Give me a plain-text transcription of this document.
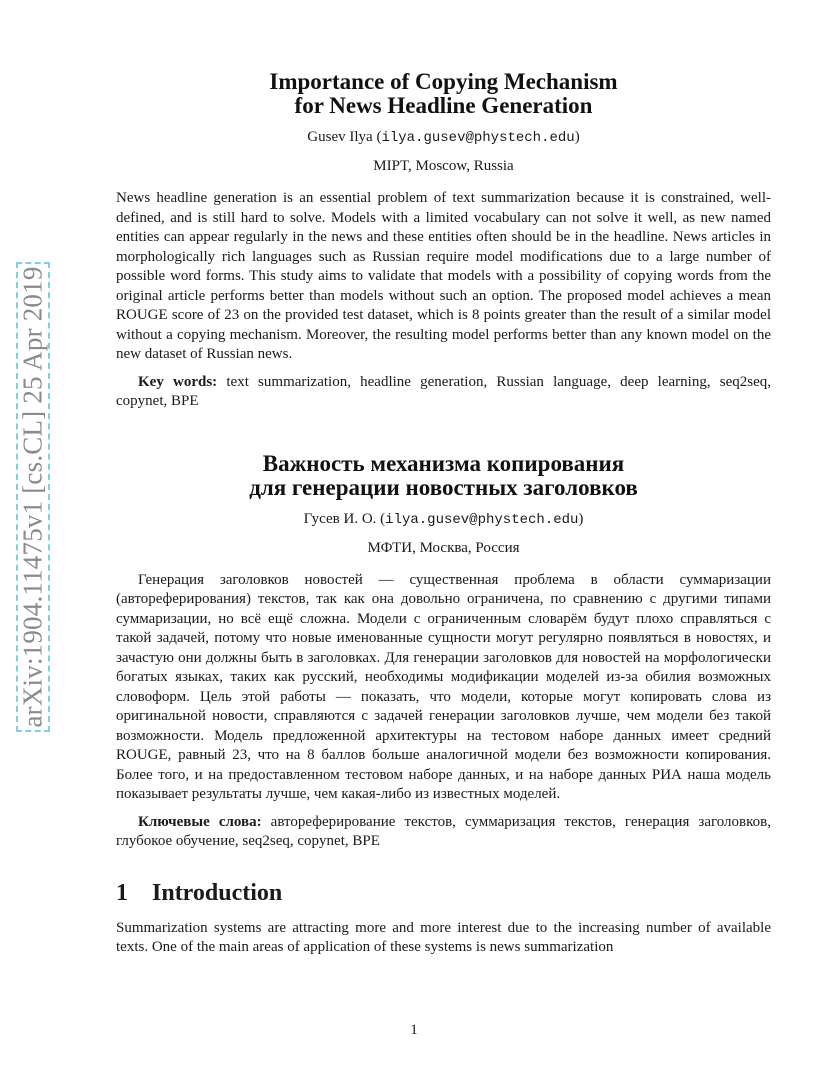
arXiv:1904.11475v1 [cs.CL] 25 Apr 2019
Importance of Copying Mechanism
for News Headline Generation

Gusev Ilya (ilya.gusev@phystech.edu)

MIPT, Moscow, Russia

News headline generation is an essential problem of text summarization because it is constrained, well-defined, and is still hard to solve. Models with a limited vocabulary can not solve it well, as new named entities can appear regularly in the news and these entities often should be in the headline. News articles in morphologically rich languages such as Russian require model modifications due to a large number of possible word forms. This study aims to validate that models with a possibility of copying words from the original article performs better than models without such an option. The proposed model achieves a mean ROUGE score of 23 on the provided test dataset, which is 8 points greater than the result of a similar model without a copying mechanism. Moreover, the resulting model performs better than any known model on the new dataset of Russian news.

Key words: text summarization, headline generation, Russian language, deep learning, seq2seq, copynet, BPE

Важность механизма копирования
для генерации новостных заголовков

Гусев И. О. (ilya.gusev@phystech.edu)

МФТИ, Москва, Россия

Генерация заголовков новостей — существенная проблема в области суммаризации (автореферирования) текстов, так как она довольно ограничена, по сравнению с другими типами суммаризации, но всё ещё сложна. Модели с ограниченным словарём будут плохо справляться с такой задачей, потому что новые именованные сущности могут регулярно появляться в новостях, и зачастую они должны быть в заголовках. Для генерации заголовков для новостей на морфологически богатых языках, таких как русский, необходимы модификации моделей из-за обилия возможных словоформ. Цель этой работы — показать, что модели, которые могут копировать слова из оригинальной новости, справляются с задачей генерации заголовков лучше, чем модели без такой возможности. Модель предложенной архитектуры на тестовом наборе данных имеет средний ROUGE, равный 23, что на 8 баллов больше аналогичной модели без возможности копирования. Более того, и на предоставленном тестовом наборе данных, и на наборе данных РИА наша модель показывает результаты лучше, чем какая-либо из известных моделей.

Ключевые слова: автореферирование текстов, суммаризация текстов, генерация заголовков, глубокое обучение, seq2seq, copynet, BPE

1 Introduction

Summarization systems are attracting more and more interest due to the increasing number of available texts. One of the main areas of application of these systems is news summarization

1
